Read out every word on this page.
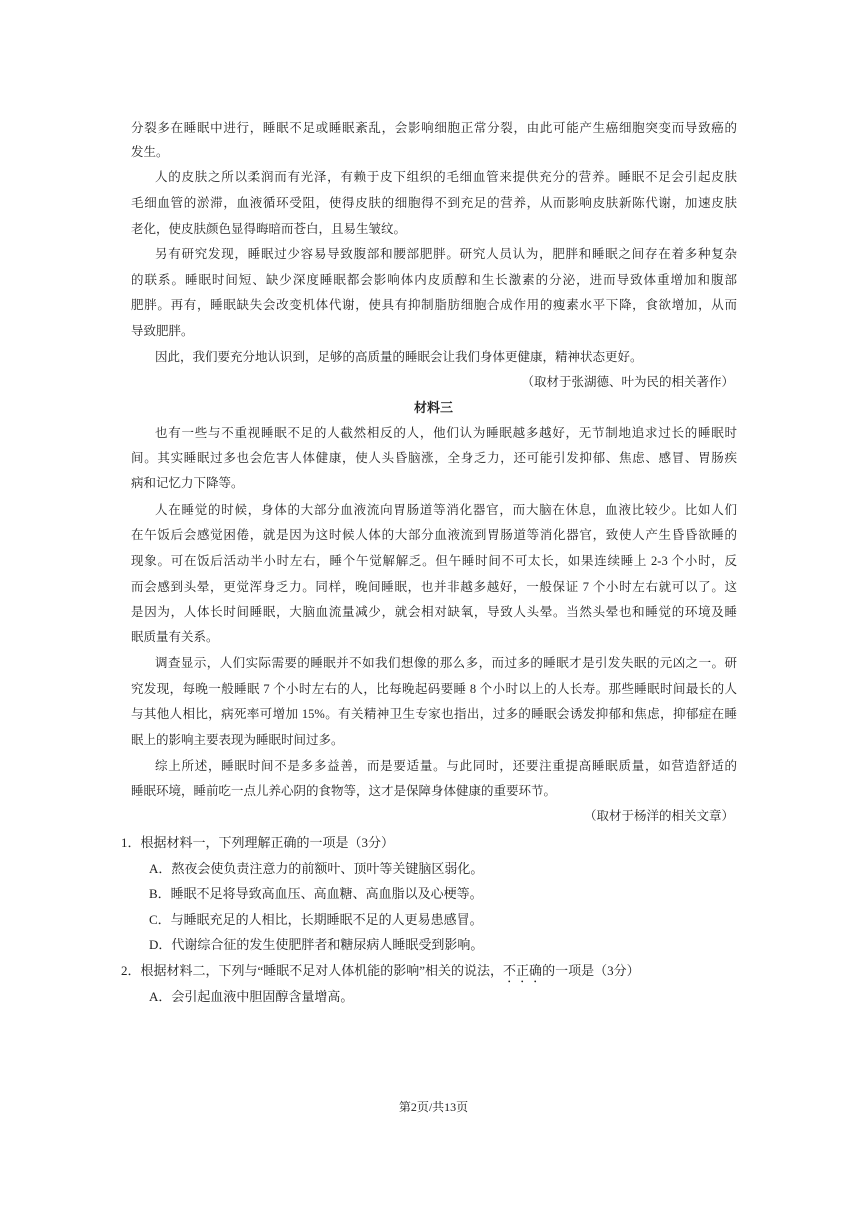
分裂多在睡眠中进行，睡眠不足或睡眠紊乱，会影响细胞正常分裂，由此可能产生癌细胞突变而导致癌的
发生。
人的皮肤之所以柔润而有光泽，有赖于皮下组织的毛细血管来提供充分的营养。睡眠不足会引起皮肤
毛细血管的淤滞，血液循环受阻，使得皮肤的细胞得不到充足的营养，从而影响皮肤新陈代谢，加速皮肤
老化，使皮肤颜色显得晦暗而苍白，且易生皱纹。
另有研究发现，睡眠过少容易导致腹部和腰部肥胖。研究人员认为，肥胖和睡眠之间存在着多种复杂
的联系。睡眠时间短、缺少深度睡眠都会影响体内皮质醇和生长激素的分泌，进而导致体重增加和腹部
肥胖。再有，睡眠缺失会改变机体代谢，使具有抑制脂肪细胞合成作用的瘦素水平下降，食欲增加，从而
导致肥胖。
因此，我们要充分地认识到，足够的高质量的睡眠会让我们身体更健康，精神状态更好。
（取材于张湖德、叶为民的相关著作）
材料三
也有一些与不重视睡眠不足的人截然相反的人，他们认为睡眠越多越好，无节制地追求过长的睡眠时
间。其实睡眠过多也会危害人体健康，使人头昏脑涨，全身乏力，还可能引发抑郁、焦虑、感冒、胃肠疾
病和记忆力下降等。
人在睡觉的时候，身体的大部分血液流向胃肠道等消化器官，而大脑在休息，血液比较少。比如人们
在午饭后会感觉困倦，就是因为这时候人体的大部分血液流到胃肠道等消化器官，致使人产生昏昏欲睡的
现象。可在饭后活动半小时左右，睡个午觉解解乏。但午睡时间不可太长，如果连续睡上 2-3 个小时，反
而会感到头晕，更觉浑身乏力。同样，晚间睡眠，也并非越多越好，一般保证 7 个小时左右就可以了。这
是因为，人体长时间睡眠，大脑血流量减少，就会相对缺氧，导致人头晕。当然头晕也和睡觉的环境及睡
眠质量有关系。
调查显示，人们实际需要的睡眠并不如我们想像的那么多，而过多的睡眠才是引发失眠的元凶之一。研
究发现，每晚一般睡眠 7 个小时左右的人，比每晚起码要睡 8 个小时以上的人长寿。那些睡眠时间最长的人
与其他人相比，病死率可增加 15%。有关精神卫生专家也指出，过多的睡眠会诱发抑郁和焦虑，抑郁症在睡
眠上的影响主要表现为睡眠时间过多。
综上所述，睡眠时间不是多多益善，而是要适量。与此同时，还要注重提高睡眠质量，如营造舒适的
睡眠环境，睡前吃一点儿养心阴的食物等，这才是保障身体健康的重要环节。
（取材于杨洋的相关文章）
1．根据材料一，下列理解正确的一项是（3分）
A．熬夜会使负责注意力的前额叶、顶叶等关键脑区弱化。
B．睡眠不足将导致高血压、高血糖、高血脂以及心梗等。
C．与睡眠充足的人相比，长期睡眠不足的人更易患感冒。
D．代谢综合征的发生使肥胖者和糖尿病人睡眠受到影响。
2．根据材料二，下列与“睡眠不足对人体机能的影响”相关的说法，不正确的一项是（3分）
A．会引起血液中胆固醇含量增高。
第2页/共13页
